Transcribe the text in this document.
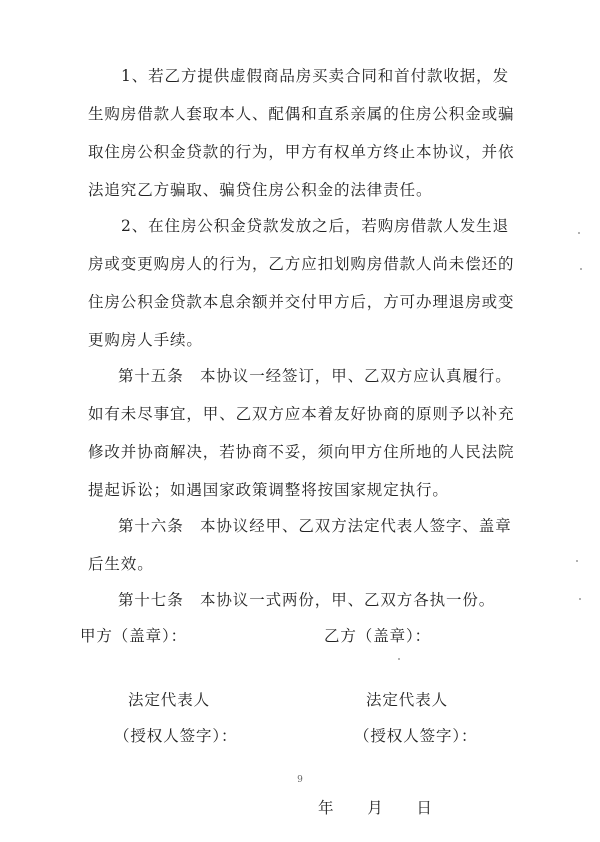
1、若乙方提供虚假商品房买卖合同和首付款收据，发
生购房借款人套取本人、配偶和直系亲属的住房公积金或骗
取住房公积金贷款的行为，甲方有权单方终止本协议，并依
法追究乙方骗取、骗贷住房公积金的法律责任。
2、在住房公积金贷款发放之后，若购房借款人发生退
房或变更购房人的行为，乙方应扣划购房借款人尚未偿还的
住房公积金贷款本息余额并交付甲方后，方可办理退房或变
更购房人手续。
第十五条　本协议一经签订，甲、乙双方应认真履行。
如有未尽事宜，甲、乙双方应本着友好协商的原则予以补充
修改并协商解决，若协商不妥，须向甲方住所地的人民法院
提起诉讼；如遇国家政策调整将按国家规定执行。
第十六条　本协议经甲、乙双方法定代表人签字、盖章
后生效。
第十七条　本协议一式两份，甲、乙双方各执一份。
甲方（盖章）：	乙方（盖章）：
法定代表人	法定代表人
（授权人签字）：	（授权人签字）：
年　　月　　日
9
